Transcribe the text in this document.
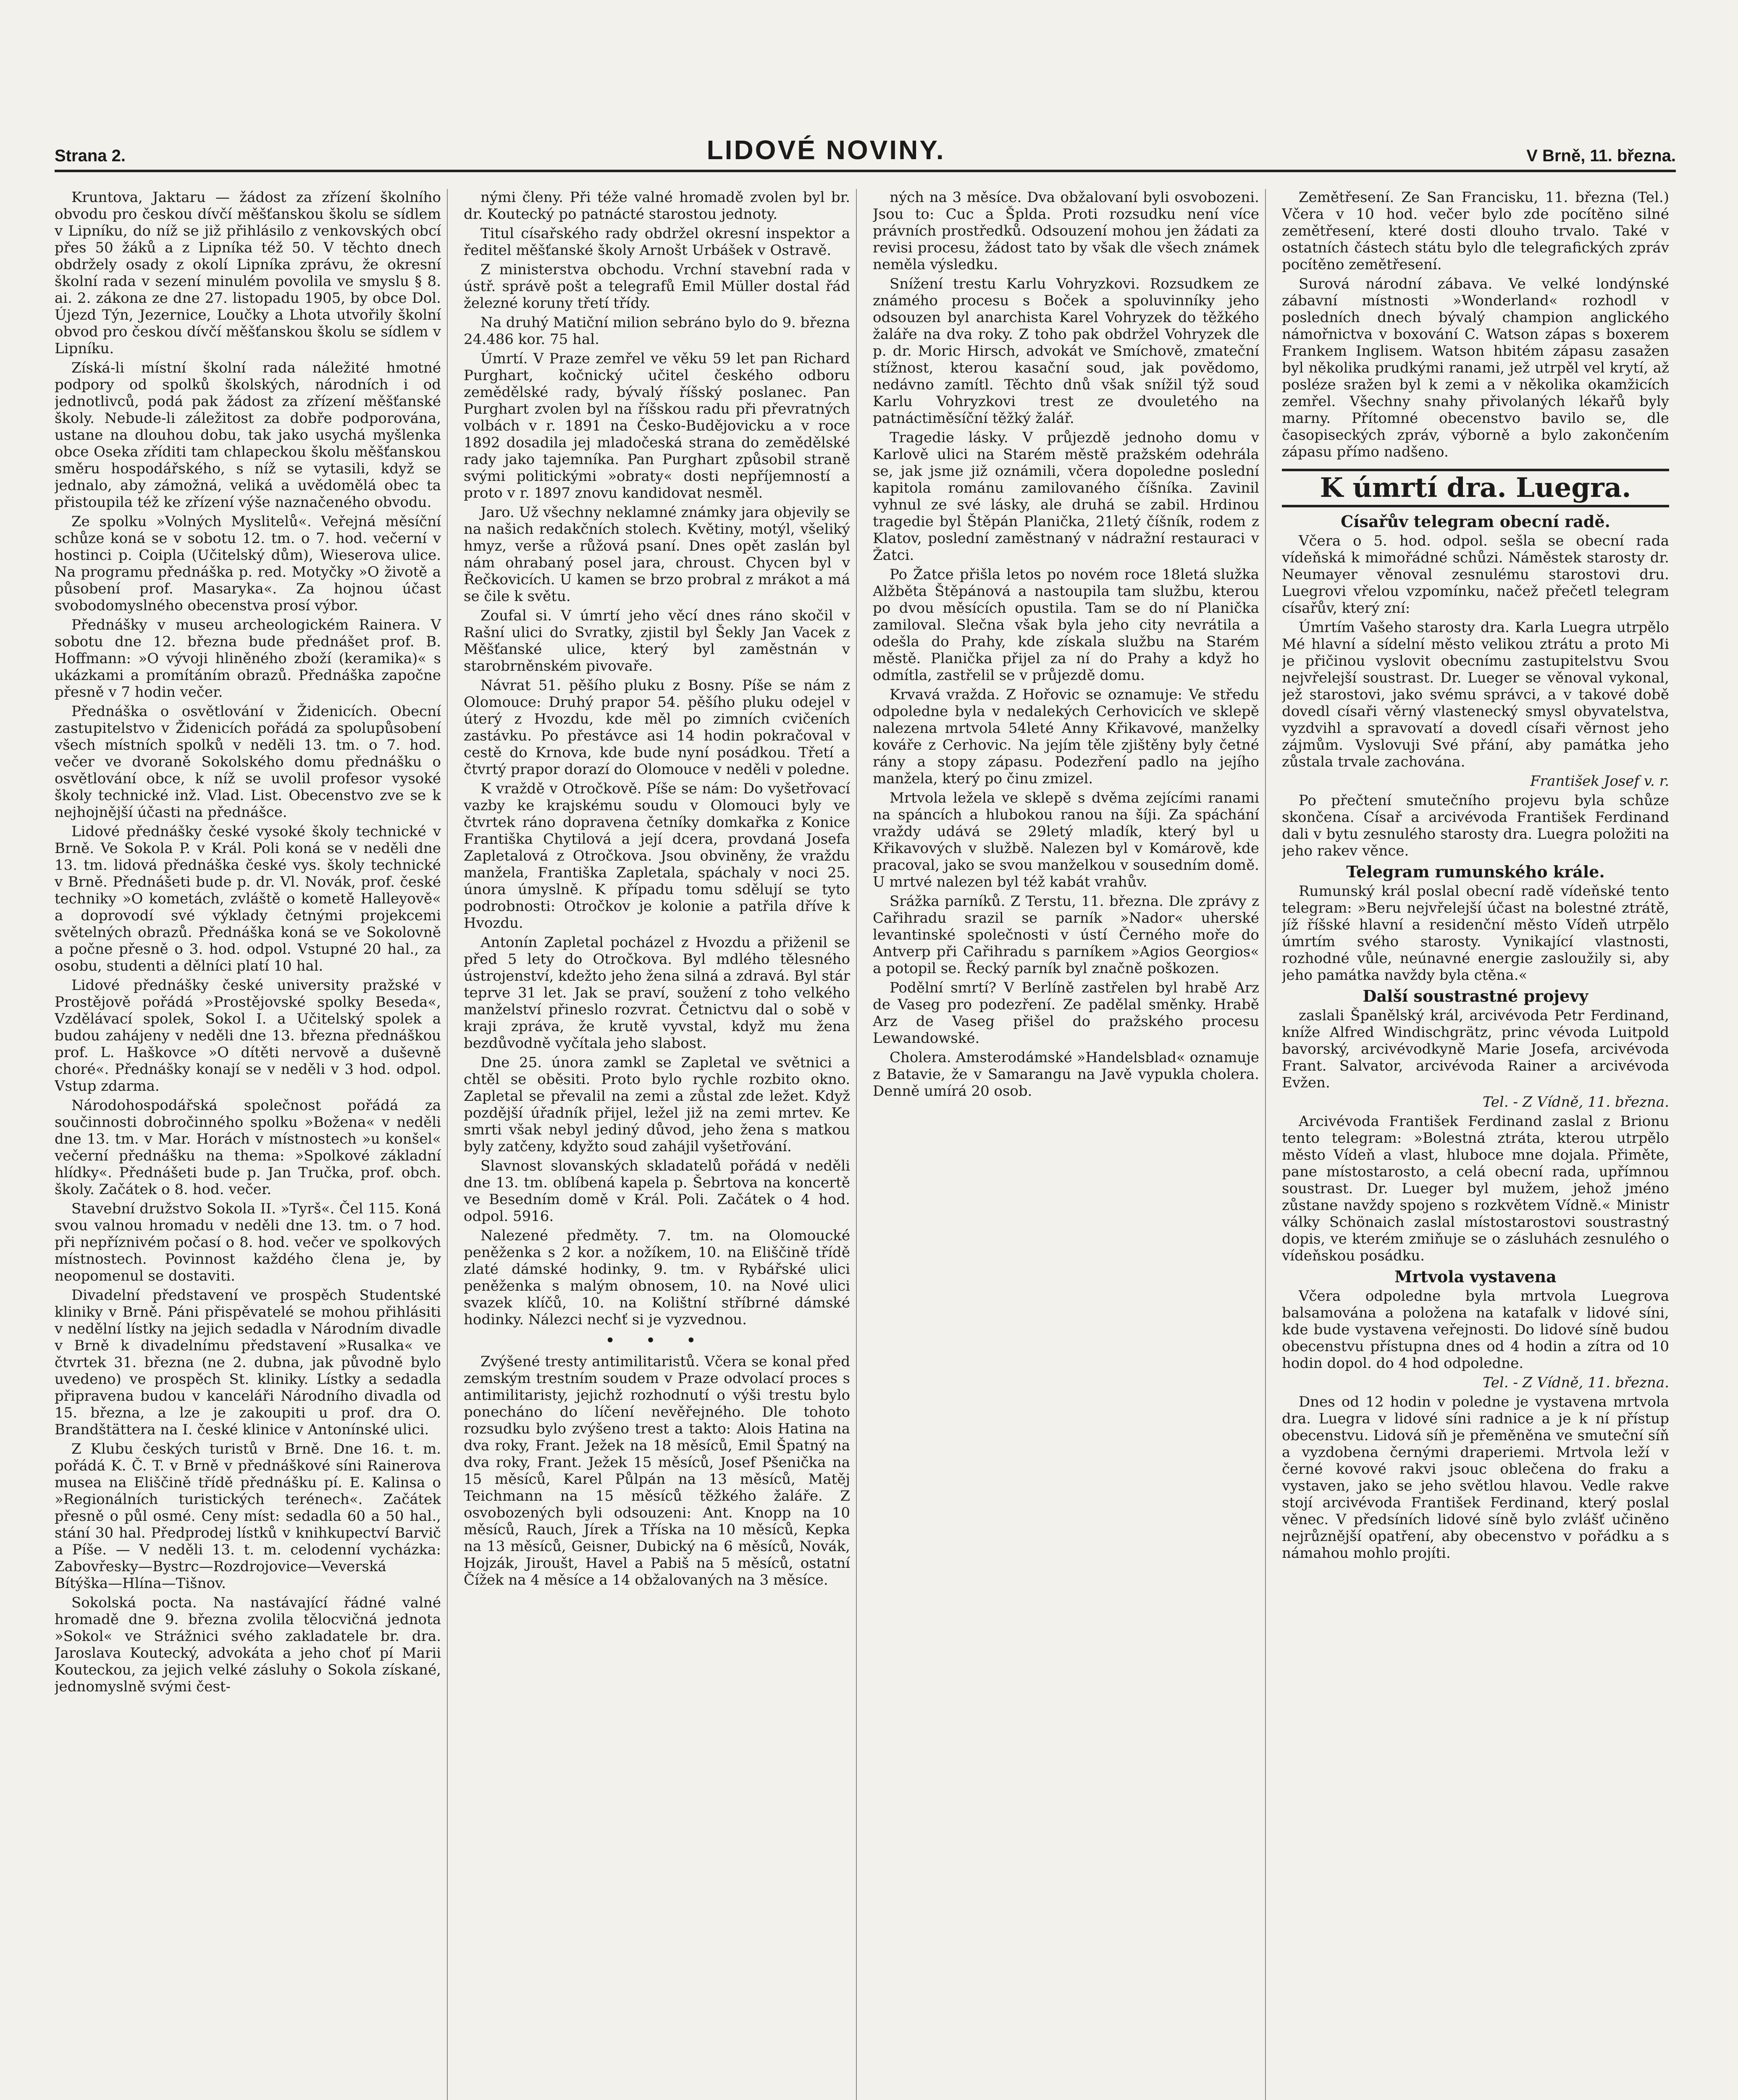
Strana 2.	LIDOVÉ NOVINY.	V Brně, 11. března.

Kruntova, Jaktaru — žádost za zřízení školního obvodu pro českou dívčí měšťanskou školu se sídlem v Lipníku, do níž se již přihlásilo z venkovských obcí přes 50 žáků a z Lipníka též 50. V těchto dnech obdržely osady z okolí Lipníka zprávu, že okresní školní rada v sezení minulém povolila ve smyslu § 8. ai. 2. zákona ze dne 27. listopadu 1905, by obce Dol. Újezd Týn, Jezernice, Loučky a Lhota utvořily školní obvod pro českou dívčí měšťanskou školu se sídlem v Lipníku.

Získá-li místní školní rada náležité hmotné podpory od spolků školských, národních i od jednotlivců, podá pak žádost za zřízení měšťanské školy. Nebude-li záležitost za dobře podporována, ustane na dlouhou dobu, tak jako usychá myšlenka obce Oseka zříditi tam chlapeckou školu měšťanskou směru hospodářského, s níž se vytasili, když se jednalo, aby zámožná, veliká a uvědomělá obec ta přistoupila též ke zřízení výše naznačeného obvodu.

Ze spolku »Volných Myslitelů«. Veřejná měsíční schůze koná se v sobotu 12. tm. o 7. hod. večerní v hostinci p. Coipla (Učitelský dům), Wieserova ulice. Na programu přednáška p. red. Motyčky »O životě a působení prof. Masaryka«. Za hojnou účast svobodomyslného obecenstva prosí výbor.

Přednášky v museu archeologickém Rainera. V sobotu dne 12. března bude přednášet prof. B. Hoffmann: »O vývoji hliněného zboží (keramika)« s ukázkami a promítáním obrazů. Přednáška započne přesně v 7 hodin večer.

Přednáška o osvětlování v Židenicích. Obecní zastupitelstvo v Židenicích pořádá za spolupůsobení všech místních spolků v neděli 13. tm. o 7. hod. večer ve dvoraně Sokolského domu přednášku o osvětlování obce, k níž se uvolil profesor vysoké školy technické inž. Vlad. List. Obecenstvo zve se k nejhojnější účasti na přednášce.

Lidové přednášky české vysoké školy technické v Brně. Ve Sokola P. v Král. Poli koná se v neděli dne 13. tm. lidová přednáška české vys. školy technické v Brně. Přednášeti bude p. dr. Vl. Novák, prof. české techniky »O kometách, zvláště o kometě Halleyově« a doprovodí své výklady četnými projekcemi světelných obrazů. Přednáška koná se ve Sokolovně a počne přesně o 3. hod. odpol. Vstupné 20 hal., za osobu, studenti a dělníci platí 10 hal.

Lidové přednášky české university pražské v Prostějově pořádá »Prostějovské spolky Beseda«, Vzdělávací spolek, Sokol I. a Učitelský spolek a budou zahájeny v neděli dne 13. března přednáškou prof. L. Haškovce »O dítěti nervově a duševně choré«. Přednášky konají se v neděli v 3 hod. odpol. Vstup zdarma.

Národohospodářská společnost pořádá za součinnosti dobročinného spolku »Božena« v neděli dne 13. tm. v Mar. Horách v místnostech »u konšel« večerní přednášku na thema: »Spolkové základní hlídky«. Přednášeti bude p. Jan Tručka, prof. obch. školy. Začátek o 8. hod. večer.

Stavební družstvo Sokola II. »Tyrš«. Čel 115. Koná svou valnou hromadu v neděli dne 13. tm. o 7 hod. při nepříznivém počasí o 8. hod. večer ve spolkových místnostech. Povinnost každého člena je, by neopomenul se dostaviti.

Divadelní představení ve prospěch Studentské kliniky v Brně. Páni přispěvatelé se mohou přihlásiti v nedělní lístky na jejich sedadla v Národním divadle v Brně k divadelnímu představení »Rusalka« ve čtvrtek 31. března (ne 2. dubna, jak původně bylo uvedeno) ve prospěch St. kliniky. Lístky a sedadla připravena budou v kanceláři Národního divadla od 15. března, a lze je zakoupiti u prof. dra O. Brandštättera na I. české klinice v Antonínské ulici.

Z Klubu českých turistů v Brně. Dne 16. t. m. pořádá K. Č. T. v Brně v přednáškové síni Rainerova musea na Eliščině třídě přednášku pí. E. Kalinsa o »Regionálních turistických terénech«. Začátek přesně o půl osmé. Ceny míst: sedadla 60 a 50 hal., stání 30 hal. Předprodej lístků v knihkupectví Barvič a Píše. — V neděli 13. t. m. celodenní vycházka: Zabovřesky—Bystrc—Rozdrojovice—Veverská Bítýška—Hlína—Tišnov.

Sokolská pocta. Na nastávající řádné valné hromadě dne 9. března zvolila tělocvičná jednota »Sokol« ve Strážnici svého zakladatele br. dra. Jaroslava Koutecký, advokáta a jeho choť pí Marii Kouteckou, za jejich velké zásluhy o Sokola získané, jednomyslně svými čest-

nými členy. Při téže valné hromadě zvolen byl br. dr. Koutecký po patnácté starostou jednoty.

Titul císařského rady obdržel okresní inspektor a ředitel měšťanské školy Arnošt Urbášek v Ostravě.

Z ministerstva obchodu. Vrchní stavební rada v ústř. správě pošt a telegrafů Emil Müller dostal řád železné koruny třetí třídy.

Na druhý Matiční milion sebráno bylo do 9. března 24.486 kor. 75 hal.

Úmrtí. V Praze zemřel ve věku 59 let pan Richard Purghart, kočnický učitel českého odboru zemědělské rady, bývalý říšský poslanec. Pan Purghart zvolen byl na říšskou radu při převratných volbách v r. 1891 na Česko-Budějovicku a v roce 1892 dosadila jej mladočeská strana do zemědělské rady jako tajemníka. Pan Purghart způsobil straně svými politickými »obraty« dosti nepříjemností a proto v r. 1897 znovu kandidovat nesměl.

Jaro. Už všechny neklamné známky jara objevily se na našich redakčních stolech. Květiny, motýl, všeliký hmyz, verše a růžová psaní. Dnes opět zaslán byl nám ohrabaný posel jara, chroust. Chycen byl v Řečkovicích. U kamen se brzo probral z mrákot a má se čile k světu.

Zoufal si. V úmrtí jeho věcí dnes ráno skočil v Rašní ulici do Svratky, zjistil byl Šekly Jan Vacek z Měšťanské ulice, který byl zaměstnán v starobrněnském pivovaře.

Návrat 51. pěšího pluku z Bosny. Píše se nám z Olomouce: Druhý prapor 54. pěšího pluku odejel v úterý z Hvozdu, kde měl po zimních cvičeních zastávku. Po přestávce asi 14 hodin pokračoval v cestě do Krnova, kde bude nyní posádkou. Třetí a čtvrtý prapor dorazí do Olomouce v neděli v poledne.

K vraždě v Otročkově. Píše se nám: Do vyšetřovací vazby ke krajskému soudu v Olomouci byly ve čtvrtek ráno dopravena četníky domkařka z Konice Františka Chytilová a její dcera, provdaná Josefa Zapletalová z Otročkova. Jsou obviněny, že vraždu manžela, Františka Zapletala, spáchaly v noci 25. února úmyslně. K případu tomu sdělují se tyto podrobnosti: Otročkov je kolonie a patřila dříve k Hvozdu.

Antonín Zapletal pocházel z Hvozdu a přiženil se před 5 lety do Otročkova. Byl mdlého tělesného ústrojenství, kdežto jeho žena silná a zdravá. Byl stár teprve 31 let. Jak se praví, soužení z toho velkého manželství přineslo rozvrat. Četnictvu dal o sobě v kraji zpráva, že krutě vyvstal, když mu žena bezdůvodně vyčítala jeho slabost.

Dne 25. února zamkl se Zapletal ve světnici a chtěl se oběsiti. Proto bylo rychle rozbito okno. Zapletal se převalil na zemi a zůstal zde ležet. Když pozdější úřadník přijel, ležel již na zemi mrtev. Ke smrti však nebyl jediný důvod, jeho žena s matkou byly zatčeny, kdyžto soud zahájil vyšetřování.

Slavnost slovanských skladatelů pořádá v neděli dne 13. tm. oblíbená kapela p. Šebrtova na koncertě ve Besedním domě v Král. Poli. Začátek o 4 hod. odpol. 5916.

Nalezené předměty. 7. tm. na Olomoucké peněženka s 2 kor. a nožíkem, 10. na Eliščině třídě zlaté dámské hodinky, 9. tm. v Rybářské ulici peněženka s malým obnosem, 10. na Nové ulici svazek klíčů, 10. na Kolištní stříbrné dámské hodinky. Nálezci nechť si je vyzvednou.

• • •

Zvýšené tresty antimilitaristů. Včera se konal před zemským trestním soudem v Praze odvolací proces s antimilitaristy, jejichž rozhodnutí o výši trestu bylo ponecháno do líčení nevěřejného. Dle tohoto rozsudku bylo zvýšeno trest a takto: Alois Hatina na dva roky, Frant. Ježek na 18 měsíců, Emil Špatný na dva roky, Frant. Ježek 15 měsíců, Josef Pšenička na 15 měsíců, Karel Půlpán na 13 měsíců, Matěj Teichmann na 15 měsíců těžkého žaláře. Z osvobozených byli odsouzeni: Ant. Knopp na 10 měsíců, Rauch, Jírek a Tříska na 10 měsíců, Kepka na 13 měsíců, Geisner, Dubický na 6 měsíců, Novák, Hojzák, Jiroušt, Havel a Pabiš na 5 měsíců, ostatní Čížek na 4 měsíce a 14 obžalovaných na 3 měsíce.

ných na 3 měsíce. Dva obžalovaní byli osvobozeni. Jsou to: Cuc a Šplda. Proti rozsudku není více právních prostředků. Odsouzení mohou jen žádati za revisi procesu, žádost tato by však dle všech známek neměla výsledku.

Snížení trestu Karlu Vohryzkovi. Rozsudkem ze známého procesu s Boček a spoluvinníky jeho odsouzen byl anarchista Karel Vohryzek do těžkého žaláře na dva roky. Z toho pak obdržel Vohryzek dle p. dr. Moric Hirsch, advokát ve Smíchově, zmateční stížnost, kterou kasační soud, jak povědomo, nedávno zamítl. Těchto dnů však snížil týž soud Karlu Vohryzkovi trest ze dvouletého na patnáctiměsíční těžký žalář.

Tragedie lásky. V průjezdě jednoho domu v Karlově ulici na Starém městě pražském odehrála se, jak jsme již oznámili, včera dopoledne poslední kapitola románu zamilovaného číšníka. Zavinil vyhnul ze své lásky, ale druhá se zabil. Hrdinou tragedie byl Štěpán Planička, 21letý číšník, rodem z Klatov, poslední zaměstnaný v nádražní restauraci v Žatci.

Po Žatce přišla letos po novém roce 18letá služka Alžběta Štěpánová a nastoupila tam službu, kterou po dvou měsících opustila. Tam se do ní Planička zamiloval. Slečna však byla jeho city nevrátila a odešla do Prahy, kde získala službu na Starém městě. Planička přijel za ní do Prahy a když ho odmítla, zastřelil se v průjezdě domu.

Krvavá vražda. Z Hořovic se oznamuje: Ve středu odpoledne byla v nedalekých Cerhovicích ve sklepě nalezena mrtvola 54leté Anny Křikavové, manželky kováře z Cerhovic. Na jejím těle zjištěny byly četné rány a stopy zápasu. Podezření padlo na jejího manžela, který po činu zmizel.

Mrtvola ležela ve sklepě s dvěma zejícími ranami na spáncích a hlubokou ranou na šíji. Za spáchání vraždy udává se 29letý mladík, který byl u Křikavových v službě. Nalezen byl v Komárově, kde pracoval, jako se svou manželkou v sousedním domě. U mrtvé nalezen byl též kabát vrahův.

Srážka parníků. Z Terstu, 11. března. Dle zprávy z Cařihradu srazil se parník »Nador« uherské levantinské společnosti v ústí Černého moře do Antverp při Cařihradu s parníkem »Agios Georgios« a potopil se. Řecký parník byl značně poškozen.

Podělní smrtí? V Berlíně zastřelen byl hrabě Arz de Vaseg pro podezření. Ze padělal směnky. Hrabě Arz de Vaseg přišel do pražského procesu Lewandowské.

Cholera. Amsterodámské »Handelsblad« oznamuje z Batavie, že v Samarangu na Javě vypukla cholera. Denně umírá 20 osob.

Zemětřesení. Ze San Francisku, 11. března (Tel.) Včera v 10 hod. večer bylo zde pocítěno silné zemětřesení, které dosti dlouho trvalo. Také v ostatních částech státu bylo dle telegrafických zpráv pocítěno zemětřesení.

Surová národní zábava. Ve velké londýnské zábavní místnosti »Wonderland« rozhodl v posledních dnech bývalý champion anglického námořnictva v boxování C. Watson zápas s boxerem Frankem Inglisem. Watson hbitém zápasu zasažen byl několika prudkými ranami, jež utrpěl vel krytí, až posléze sražen byl k zemi a v několika okamžicích zemřel. Všechny snahy přivolaných lékařů byly marny. Přítomné obecenstvo bavilo se, dle časopiseckých zpráv, výborně a bylo zakončením zápasu přímo nadšeno.

K úmrtí dra. Luegra.
Císařův telegram obecní radě.

Včera o 5. hod. odpol. sešla se obecní rada vídeňská k mimořádné schůzi. Náměstek starosty dr. Neumayer věnoval zesnulému starostovi dru. Luegrovi vřelou vzpomínku, načež přečetl telegram císařův, který zní:

Úmrtím Vašeho starosty dra. Karla Luegra utrpělo Mé hlavní a sídelní město velikou ztrátu a proto Mi je přičinou vyslovit obecnímu zastupitelstvu Svou nejvřelejší soustrast. Dr. Lueger se věnoval vykonal, jež starostovi, jako svému správci, a v takové době dovedl císaři věrný vlastenecký smysl obyvatelstva, vyzdvihl a spravovatí a dovedl císaři věrnost jeho zájmům. Vyslovuji Své přání, aby památka jeho zůstala trvale zachována.

František Josef v. r.

Po přečtení smutečního projevu byla schůze skončena. Císař a arcivévoda František Ferdinand dali v bytu zesnulého starosty dra. Luegra položiti na jeho rakev věnce.

Telegram rumunského krále.

Rumunský král poslal obecní radě vídeňské tento telegram: »Beru nejvřelejší účast na bolestné ztrátě, jíž říšské hlavní a residenční město Vídeň utrpělo úmrtím svého starosty. Vynikající vlastnosti, rozhodné vůle, neúnavné energie zasloužily si, aby jeho památka navždy byla ctěna.«

Další soustrastné projevy

zaslali Španělský král, arcivévoda Petr Ferdinand, kníže Alfred Windischgrätz, princ vévoda Luitpold bavorský, arcivévodkyně Marie Josefa, arcivévoda Frant. Salvator, arcivévoda Rainer a arcivévoda Evžen.

Tel. - Z Vídně, 11. března.

Arcivévoda František Ferdinand zaslal z Brionu tento telegram: »Bolestná ztráta, kterou utrpělo město Vídeň a vlast, hluboce mne dojala. Přiměte, pane místostarosto, a celá obecní rada, upřímnou soustrast. Dr. Lueger byl mužem, jehož jméno zůstane navždy spojeno s rozkvětem Vídně.« Ministr války Schönaich zaslal místostarostovi soustrastný dopis, ve kterém zmiňuje se o zásluhách zesnulého o vídeňskou posádku.

Mrtvola vystavena

Včera odpoledne byla mrtvola Luegrova balsamována a položena na katafalk v lidové síni, kde bude vystavena veřejnosti. Do lidové síně budou obecenstvu přístupna dnes od 4 hodin a zítra od 10 hodin dopol. do 4 hod odpoledne.

Tel. - Z Vídně, 11. března.

Dnes od 12 hodin v poledne je vystavena mrtvola dra. Luegra v lidové síni radnice a je k ní přístup obecenstvu. Lidová síň je přeměněna ve smuteční síň a vyzdobena černými draperiemi. Mrtvola leží v černé kovové rakvi jsouc oblečena do fraku a vystaven, jako se jeho světlou hlavou. Vedle rakve stojí arcivévoda František Ferdinand, který poslal věnec. V předsíních lidové síně bylo zvlášť učiněno nejrůznější opatření, aby obecenstvo v pořádku a s námahou mohlo projíti.
